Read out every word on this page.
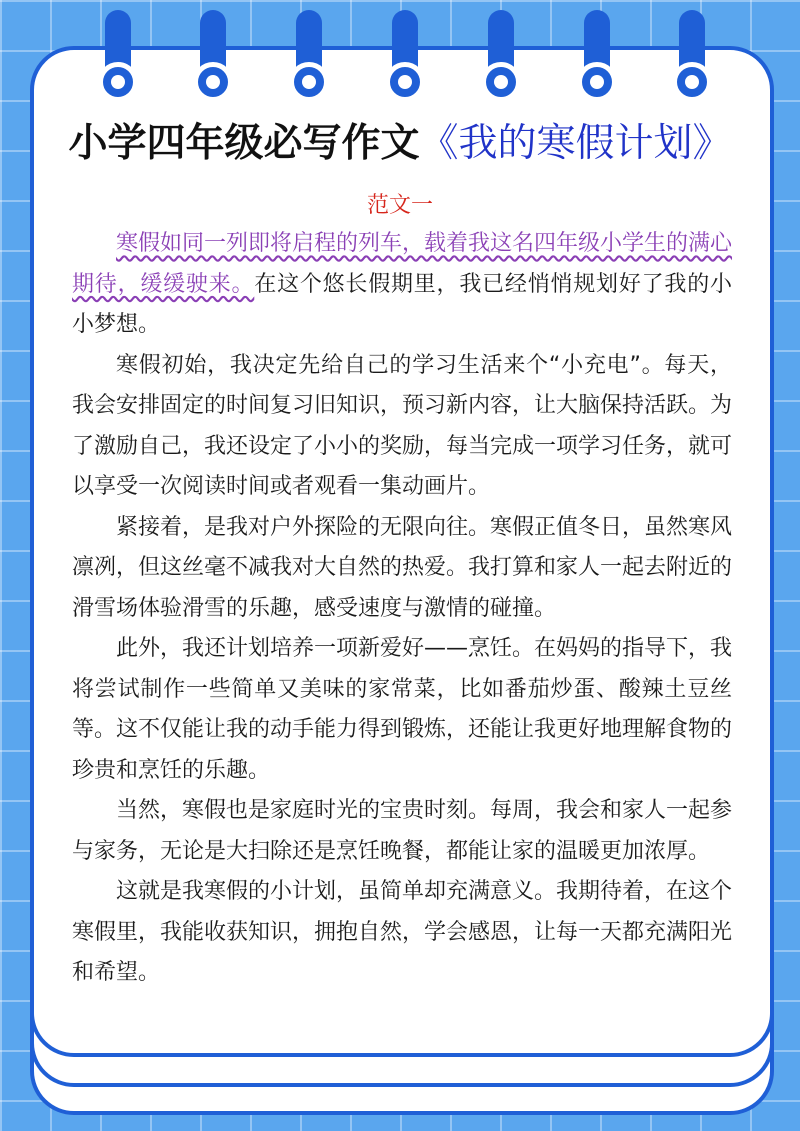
小学四年级必写作文《我的寒假计划》
范文一

寒假如同一列即将启程的列车，载着我这名四年级小学生的满心期待，缓缓驶来。在这个悠长假期里，我已经悄悄规划好了我的小小梦想。

寒假初始，我决定先给自己的学习生活来个“小充电”。每天，我会安排固定的时间复习旧知识，预习新内容，让大脑保持活跃。为了激励自己，我还设定了小小的奖励，每当完成一项学习任务，就可以享受一次阅读时间或者观看一集动画片。

紧接着，是我对户外探险的无限向往。寒假正值冬日，虽然寒风凛冽，但这丝毫不减我对大自然的热爱。我打算和家人一起去附近的滑雪场体验滑雪的乐趣，感受速度与激情的碰撞。

此外，我还计划培养一项新爱好——烹饪。在妈妈的指导下，我将尝试制作一些简单又美味的家常菜，比如番茄炒蛋、酸辣土豆丝等。这不仅能让我的动手能力得到锻炼，还能让我更好地理解食物的珍贵和烹饪的乐趣。

当然，寒假也是家庭时光的宝贵时刻。每周，我会和家人一起参与家务，无论是大扫除还是烹饪晚餐，都能让家的温暖更加浓厚。

这就是我寒假的小计划，虽简单却充满意义。我期待着，在这个寒假里，我能收获知识，拥抱自然，学会感恩，让每一天都充满阳光和希望。
